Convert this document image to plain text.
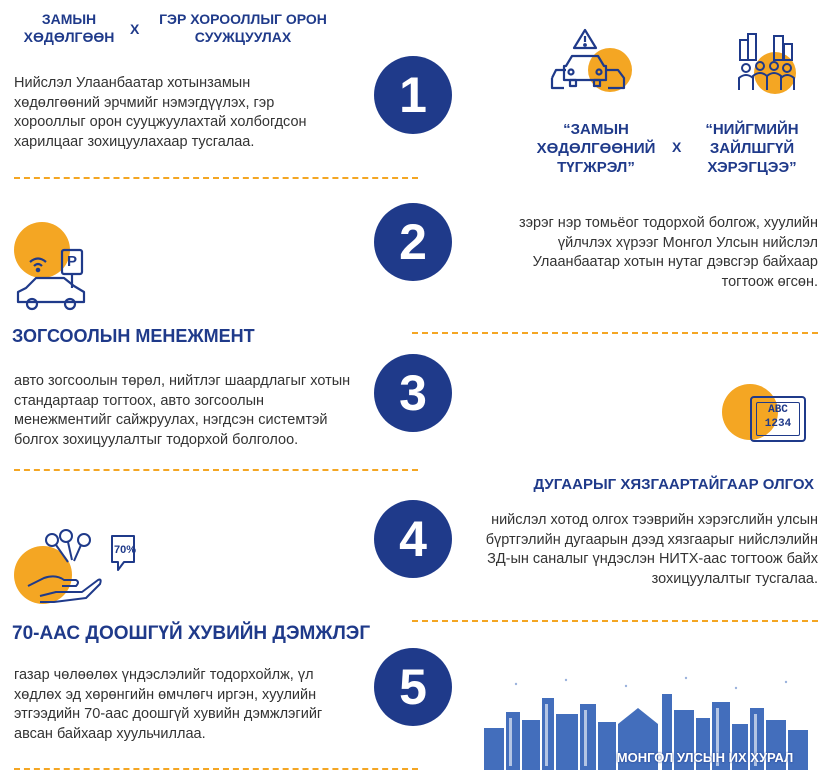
ЗАМЫН ХӨДӨЛГӨӨН	X
ГЭР ХОРООЛЛЫГ ОРОН СУУЖЦУУЛАХ
Нийслэл Улаанбаатар хотынзамын хөдөлгөөний эрчмийг нэмэгдүүлэх, гэр хорооллыг орон сууцжуулахтай холбогдсон харилцааг зохицуулахаар тусгалаа.
1
“ЗАМЫН ХӨДӨЛГӨӨНИЙ ТҮГЖРЭЛ”
X
“НИЙГМИЙН ЗАЙЛШГҮЙ ХЭРЭГЦЭЭ”
2	зэрэг нэр томьёог тодорхой болгож, хуулийн үйлчлэх хүрээг Монгол Улсын нийслэл Улаанбаатар хотын нутаг дэвсгэр байхаар тогтоож өгсөн.
P
ЗОГСООЛЫН МЕНЕЖМЕНТ
авто зогсоолын төрөл, нийтлэг шаардлагыг хотын стандартаар тогтоох, авто зогсоолын менежментийг сайжруулах, нэгдсэн системтэй болгох зохицуулалтыг тодорхой болголоо.
3	ABC
1234
ДУГААРЫГ ХЯЗГААРТАЙГААР ОЛГОХ
4	нийслэл хотод олгох тээврийн хэрэгслийн улсын бүртгэлийн дугаарын дээд хязгаарыг нийслэлийн ЗД-ын саналыг үндэслэн НИТХ-аас тогтоож байх зохицуулалтыг тусгалаа.
70%
70-ААС ДООШГҮЙ ХУВИЙН ДЭМЖЛЭГ
газар чөлөөлөх үндэслэлийг тодорхойлж, үл хөдлөх эд хөрөнгийн өмчлөгч иргэн, хуулийн этгээдийн 70-аас доошгүй хувийн дэмжлэгийг авсан байхаар хуульчиллаа.
5
МОНГОЛ УЛСЫН ИХ ХУРАЛ
